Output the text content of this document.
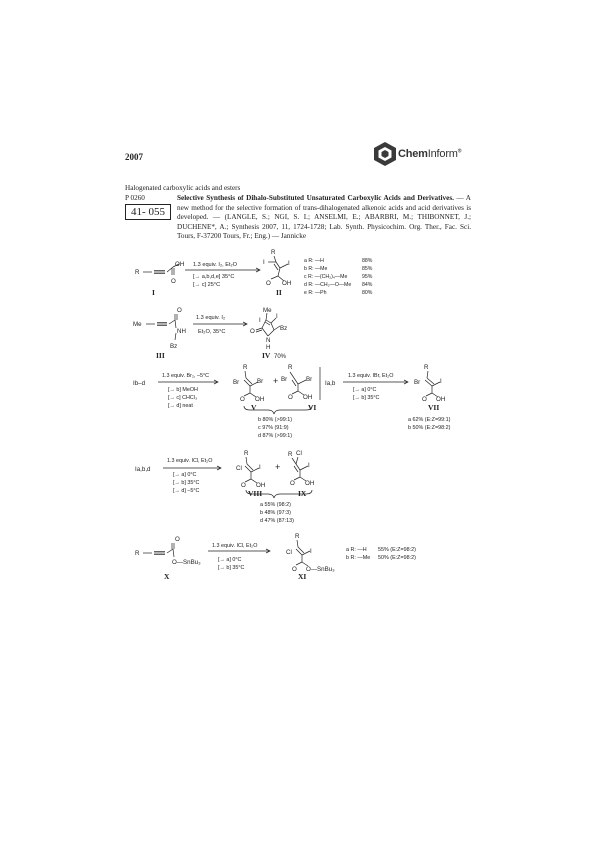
2007	ChemInform®
Halogenated carboxylic acids and esters
P 0260
41- 055
Selective Synthesis of Dihalo-Substituted Unsaturated Carboxylic Acids and Derivatives. — A new method for the selective formation of trans-dihalogenated alkenoic acids and acid derivatives is developed. — (LANGLE, S.; NGI, S. I.; ANSELMI, E.; ABARBRI, M.; THIBONNET, J.; DUCHENE*, A.; Synthesis 2007, 11, 1724-1728; Lab. Synth. Physicochim. Org. Ther., Fac. Sci. Tours, F-37200 Tours, Fr.; Eng.) — Jannicke
R
OH
O
1.3 equiv. I₂, Et₂O
[→ a,b,d,e] 35°C
[→ c] 25°C
I
R
I	I
O OH
II
a R: —H	88%
b R: —Me	85%
c R: —(CH₂)₄—Me	95%
d R: —CH₂—O—Me 84%
e R: —Ph	80%
Me
O
NH
Bz
1.3 equiv. I₂
Et₂O, 35°C
III
Me
I
I
O
N
H
Bz
IV 70%
Ib–d
1.3 equiv. Br₂, –5°C
[→ b] MeOH
[→ c] CHCl₃
[→ d] neat
R
Br	Br
O OH
V
+
R
Br	Br
O OH
VI
b 80% (>99:1)
c 97% (91:9)
d 87% (>99:1)
Ia,b
1.3 equiv. IBr, Et₂O
[→ a] 0°C
[→ b] 35°C
R
Br	I
O OH
VII
a 62% (E:Z=99:1)
b 50% (E:Z=98:2)
Ia,b,d
1.3 equiv. ICl, Et₂O
[→ a] 0°C
[→ b] 35°C
[→ d] –5°C
R
Cl	I
O OH
VIII
+
R Cl
I
O OH
IX
a 55% (98:2)
b 48% (97:3)
d 47% (87:13)
R
O
O—SnBu₃
1.3 equiv. ICl, Et₂O
[→ a] 0°C
[→ b] 35°C
X
R
Cl	I
O O—SnBu₃
XI
a R: —H 55% (E:Z=98:2)
b R: —Me 50% (E:Z=98:2)
